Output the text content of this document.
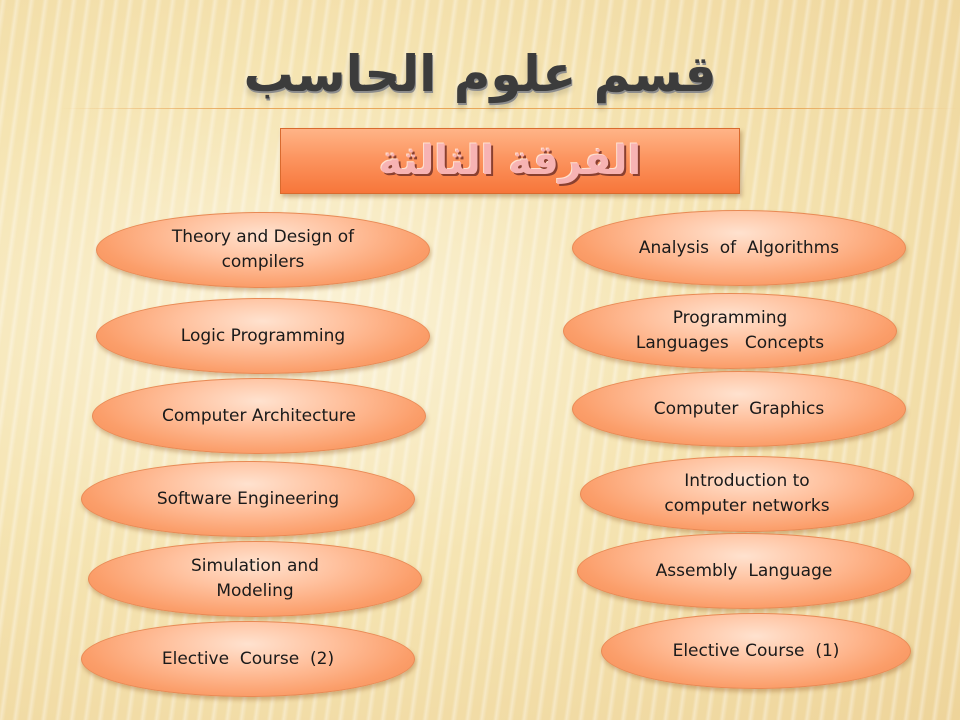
قسم علوم الحاسب
الفرقة الثالثة
Theory and Design of
compilers
Logic Programming
Computer Architecture
Software Engineering
Simulation and
Modeling
Elective  Course  (2)
Analysis  of  Algorithms
Programming
Languages   Concepts
Computer  Graphics
Introduction to
computer networks
Assembly  Language
Elective Course  (1)
